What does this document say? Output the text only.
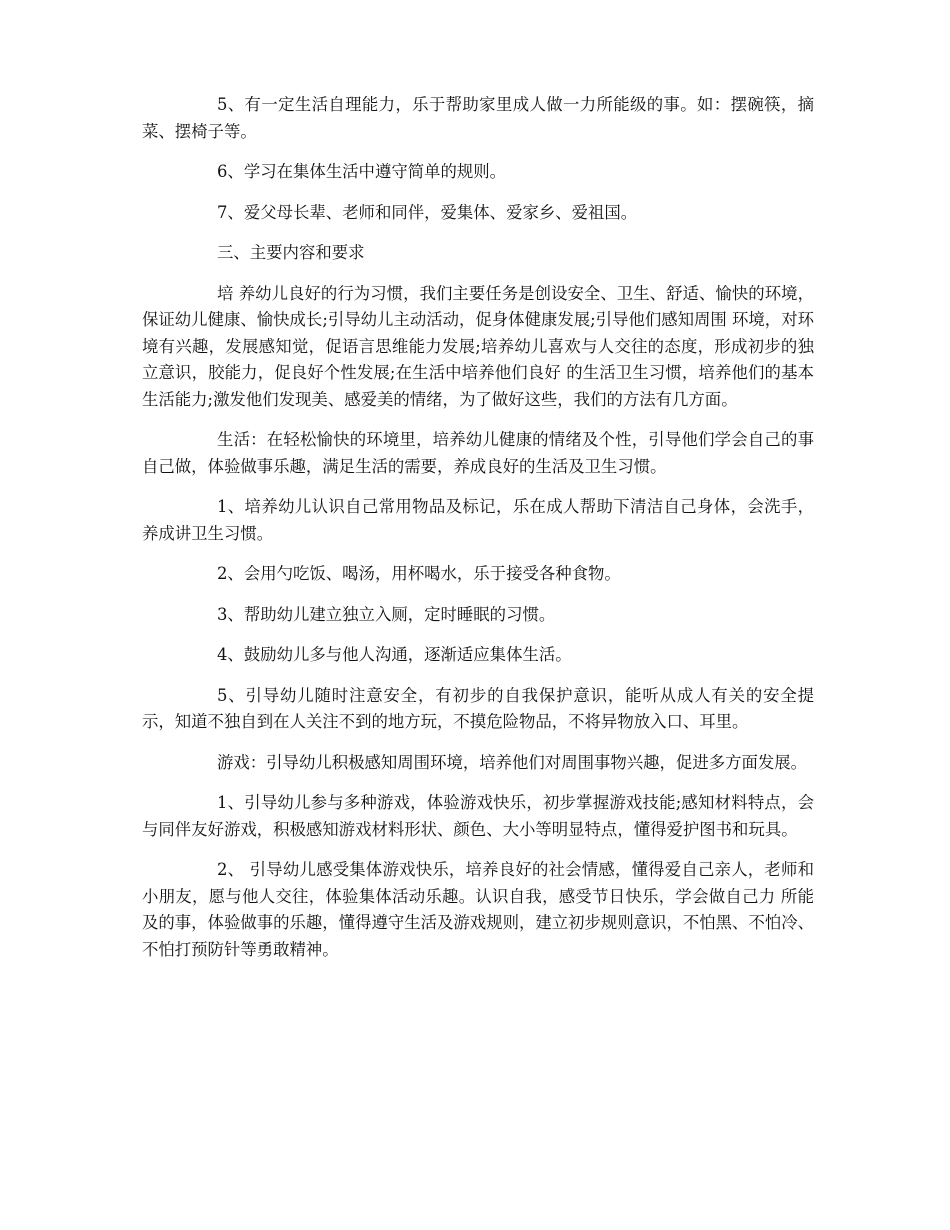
5、有一定生活自理能力，乐于帮助家里成人做一力所能级的事。如：摆碗筷，摘菜、摆椅子等。

6、学习在集体生活中遵守简单的规则。

7、爱父母长辈、老师和同伴，爱集体、爱家乡、爱祖国。

三、主要内容和要求

培 养幼儿良好的行为习惯，我们主要任务是创设安全、卫生、舒适、愉快的环境，保证幼儿健康、愉快成长;引导幼儿主动活动，促身体健康发展;引导他们感知周围 环境，对环境有兴趣，发展感知觉，促语言思维能力发展;培养幼儿喜欢与人交往的态度，形成初步的独立意识，胶能力，促良好个性发展;在生活中培养他们良好 的生活卫生习惯，培养他们的基本生活能力;激发他们发现美、感爱美的情绪，为了做好这些，我们的方法有几方面。

生活：在轻松愉快的环境里，培养幼儿健康的情绪及个性，引导他们学会自己的事自己做，体验做事乐趣，满足生活的需要，养成良好的生活及卫生习惯。

1、培养幼儿认识自己常用物品及标记，乐在成人帮助下清洁自己身体，会洗手，养成讲卫生习惯。

2、会用勺吃饭、喝汤，用杯喝水，乐于接受各种食物。

3、帮助幼儿建立独立入厕，定时睡眠的习惯。

4、鼓励幼儿多与他人沟通，逐渐适应集体生活。

5、引导幼儿随时注意安全，有初步的自我保护意识，能听从成人有关的安全提示，知道不独自到在人关注不到的地方玩，不摸危险物品，不将异物放入口、耳里。

游戏：引导幼儿积极感知周围环境，培养他们对周围事物兴趣，促进多方面发展。

1、引导幼儿参与多种游戏，体验游戏快乐，初步掌握游戏技能;感知材料特点，会与同伴友好游戏，积极感知游戏材料形状、颜色、大小等明显特点，懂得爱护图书和玩具。

2、 引导幼儿感受集体游戏快乐，培养良好的社会情感，懂得爱自己亲人，老师和小朋友，愿与他人交往，体验集体活动乐趣。认识自我，感受节日快乐，学会做自己力 所能及的事，体验做事的乐趣，懂得遵守生活及游戏规则，建立初步规则意识，不怕黑、不怕冷、不怕打预防针等勇敢精神。
